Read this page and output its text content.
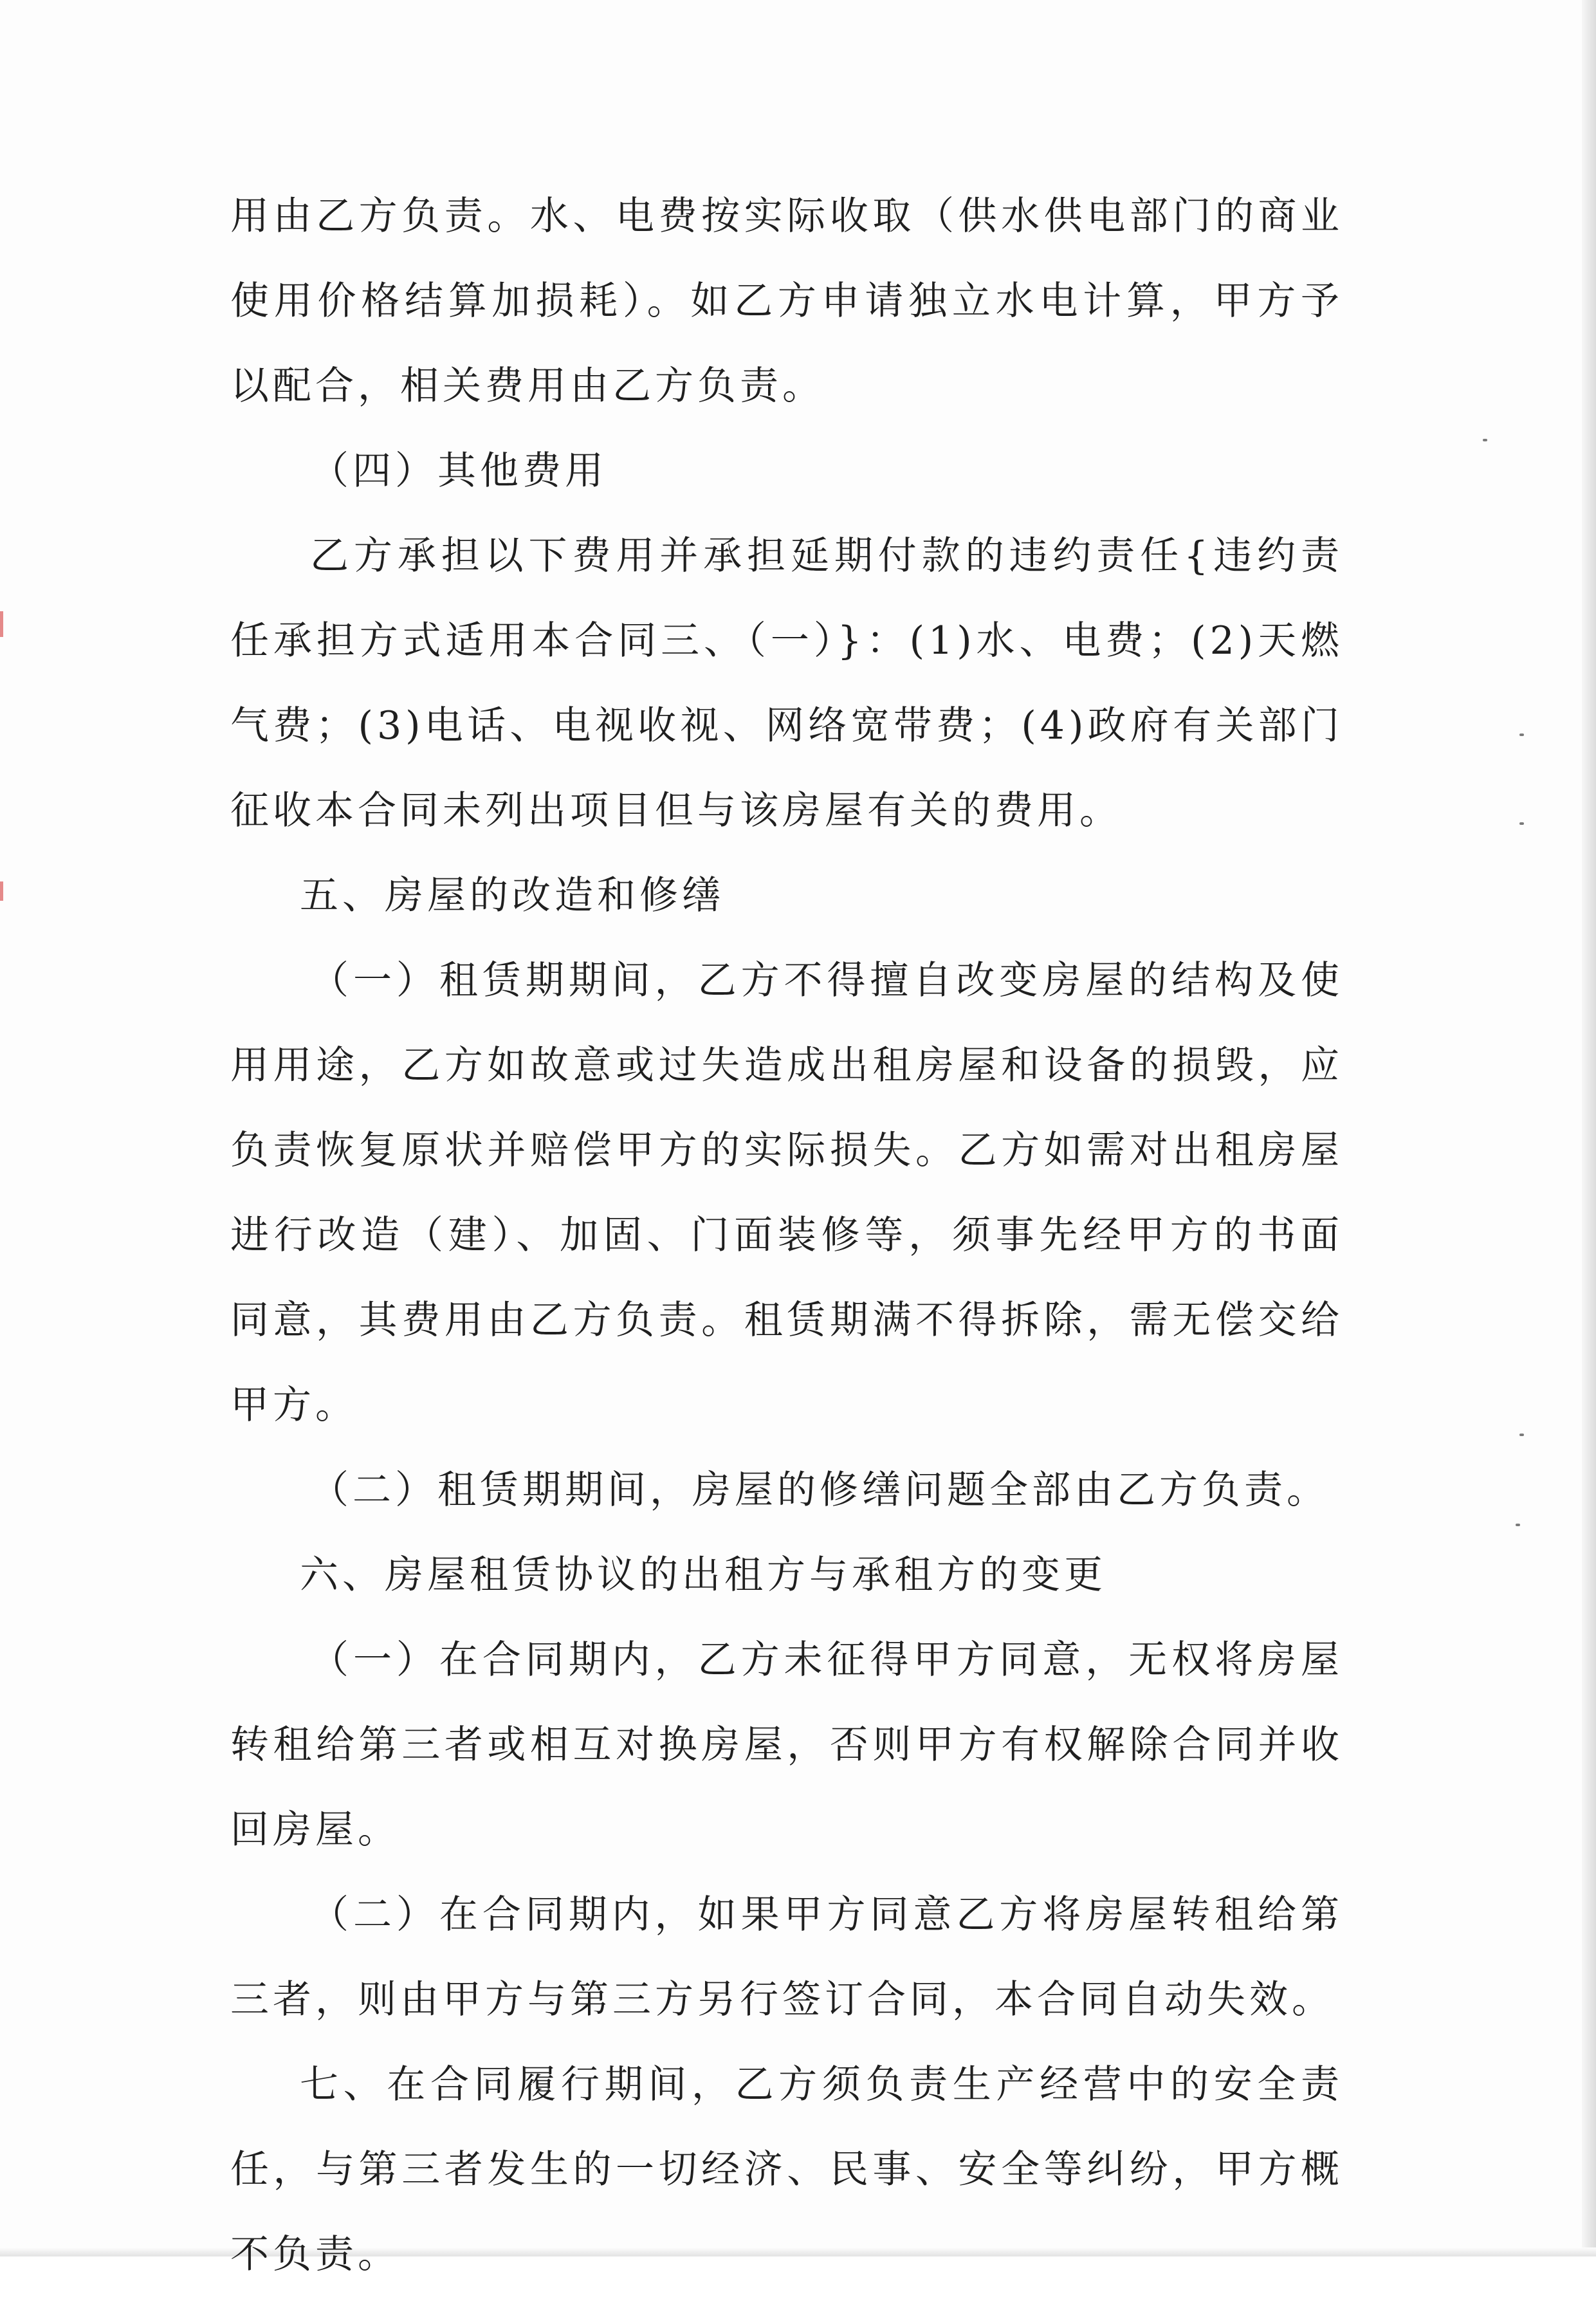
用由乙方负责。水、电费按实际收取（供水供电部门的商业使用价格结算加损耗）。如乙方申请独立水电计算，甲方予以配合，相关费用由乙方负责。

（四）其他费用

乙方承担以下费用并承担延期付款的违约责任{违约责任承担方式适用本合同三、（一）}：(1)水、电费；(2)天燃气费；(3)电话、电视收视、网络宽带费；(4)政府有关部门征收本合同未列出项目但与该房屋有关的费用。

五、房屋的改造和修缮

（一）租赁期期间，乙方不得擅自改变房屋的结构及使用用途，乙方如故意或过失造成出租房屋和设备的损毁，应负责恢复原状并赔偿甲方的实际损失。乙方如需对出租房屋进行改造（建）、加固、门面装修等，须事先经甲方的书面同意，其费用由乙方负责。租赁期满不得拆除，需无偿交给甲方。

（二）租赁期期间，房屋的修缮问题全部由乙方负责。

六、房屋租赁协议的出租方与承租方的变更

（一）在合同期内，乙方未征得甲方同意，无权将房屋转租给第三者或相互对换房屋，否则甲方有权解除合同并收回房屋。

（二）在合同期内，如果甲方同意乙方将房屋转租给第三者，则由甲方与第三方另行签订合同，本合同自动失效。

七、在合同履行期间，乙方须负责生产经营中的安全责任，与第三者发生的一切经济、民事、安全等纠纷，甲方概不负责。
